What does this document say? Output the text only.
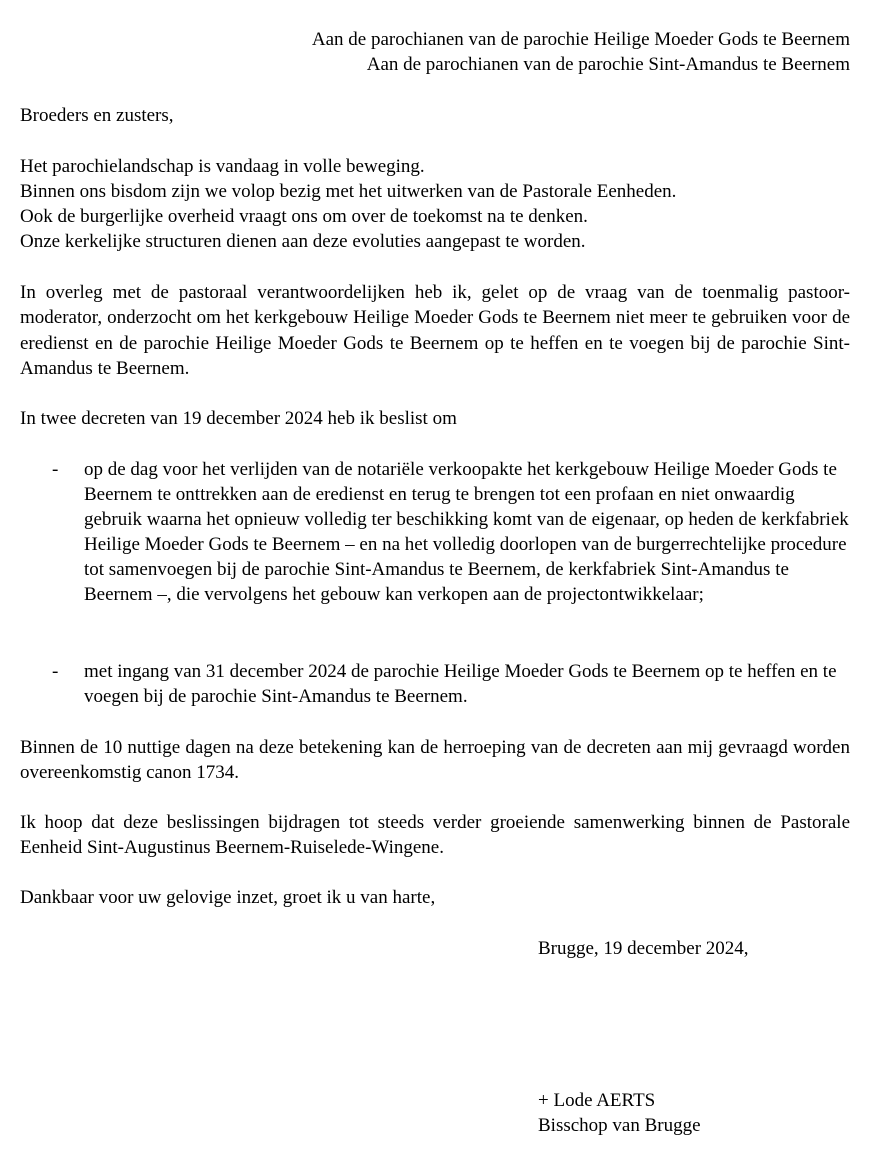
Aan de parochianen van de parochie Heilige Moeder Gods te Beernem
Aan de parochianen van de parochie Sint-Amandus te Beernem
Broeders en zusters,
Het parochielandschap is vandaag in volle beweging.
Binnen ons bisdom zijn we volop bezig met het uitwerken van de Pastorale Eenheden.
Ook de burgerlijke overheid vraagt ons om over de toekomst na te denken.
Onze kerkelijke structuren dienen aan deze evoluties aangepast te worden.
In overleg met de pastoraal verantwoordelijken heb ik, gelet op de vraag van de toenmalig pastoor-moderator, onderzocht om het kerkgebouw Heilige Moeder Gods te Beernem niet meer te gebruiken voor de eredienst en de parochie Heilige Moeder Gods te Beernem op te heffen en te voegen bij de parochie Sint-Amandus te Beernem.
In twee decreten van 19 december 2024 heb ik beslist om
- op de dag voor het verlijden van de notariële verkoopakte het kerkgebouw Heilige Moeder Gods te Beernem te onttrekken aan de eredienst en terug te brengen tot een profaan en niet onwaardig gebruik waarna het opnieuw volledig ter beschikking komt van de eigenaar, op heden de kerkfabriek Heilige Moeder Gods te Beernem – en na het volledig doorlopen van de burgerrechtelijke procedure tot samenvoegen bij de parochie Sint-Amandus te Beernem, de kerkfabriek Sint-Amandus te Beernem –, die vervolgens het gebouw kan verkopen aan de projectontwikkelaar;
- met ingang van 31 december 2024 de parochie Heilige Moeder Gods te Beernem op te heffen en te voegen bij de parochie Sint-Amandus te Beernem.
Binnen de 10 nuttige dagen na deze betekening kan de herroeping van de decreten aan mij gevraagd worden overeenkomstig canon 1734.
Ik hoop dat deze beslissingen bijdragen tot steeds verder groeiende samenwerking binnen de Pastorale Eenheid Sint-Augustinus Beernem-Ruiselede-Wingene.
Dankbaar voor uw gelovige inzet, groet ik u van harte,
Brugge, 19 december 2024,
+ Lode AERTS
Bisschop van Brugge
